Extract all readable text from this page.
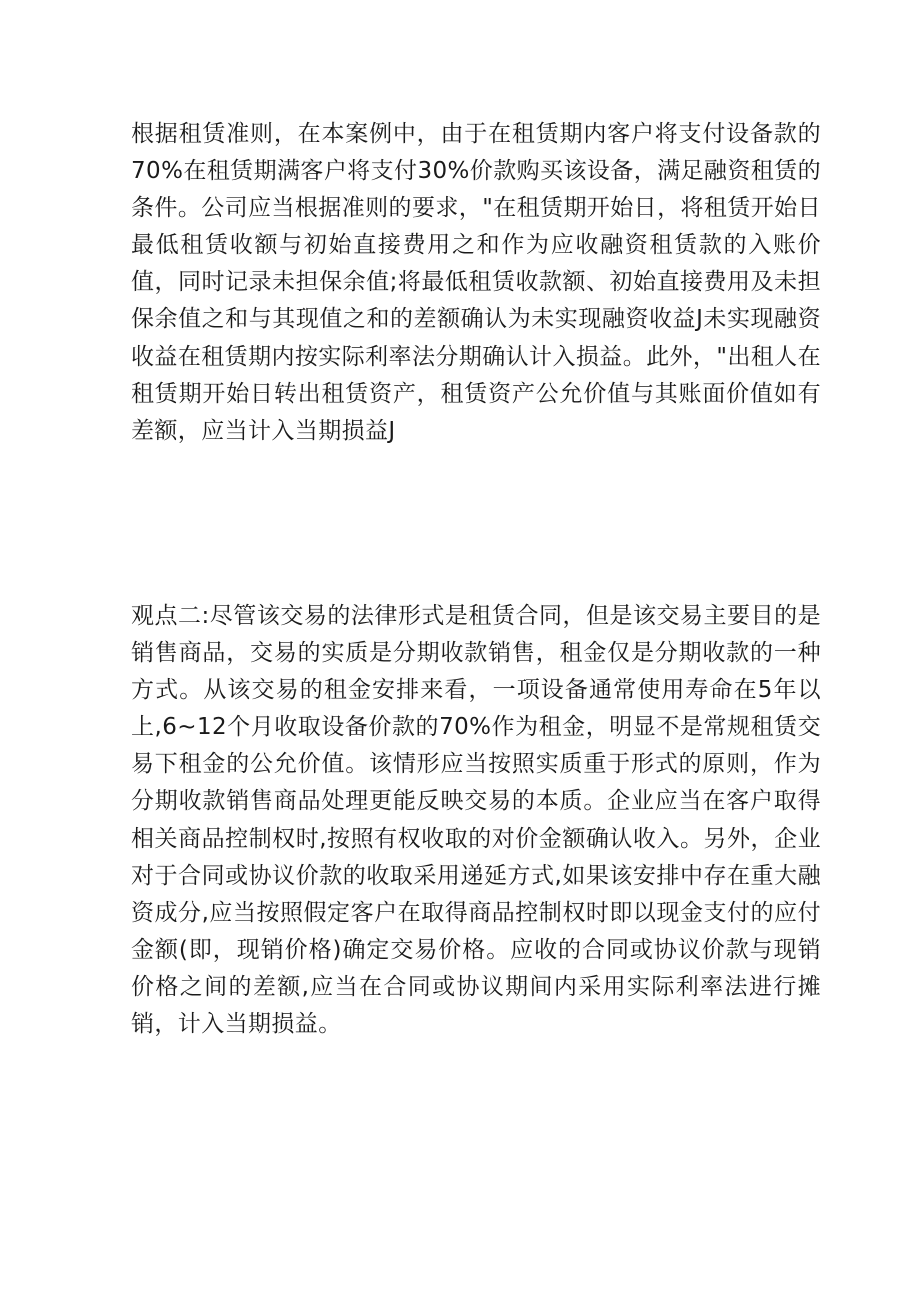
根据租赁准则，在本案例中，由于在租赁期内客户将支付设备款的70%在租赁期满客户将支付30%价款购买该设备，满足融资租赁的条件。公司应当根据准则的要求，"在租赁期开始日，将租赁开始日最低租赁收额与初始直接费用之和作为应收融资租赁款的入账价值，同时记录未担保余值;将最低租赁收款额、初始直接费用及未担保余值之和与其现值之和的差额确认为未实现融资收益J未实现融资收益在租赁期内按实际利率法分期确认计入损益。此外，"出租人在租赁期开始日转出租赁资产，租赁资产公允价值与其账面价值如有差额，应当计入当期损益J

观点二:尽管该交易的法律形式是租赁合同，但是该交易主要目的是销售商品，交易的实质是分期收款销售，租金仅是分期收款的一种方式。从该交易的租金安排来看，一项设备通常使用寿命在5年以上,6~12个月收取设备价款的70%作为租金，明显不是常规租赁交易下租金的公允价值。该情形应当按照实质重于形式的原则，作为分期收款销售商品处理更能反映交易的本质。企业应当在客户取得相关商品控制权时,按照有权收取的对价金额确认收入。另外，企业对于合同或协议价款的收取采用递延方式,如果该安排中存在重大融资成分,应当按照假定客户在取得商品控制权时即以现金支付的应付金额(即，现销价格)确定交易价格。应收的合同或协议价款与现销价格之间的差额,应当在合同或协议期间内采用实际利率法进行摊销，计入当期损益。
